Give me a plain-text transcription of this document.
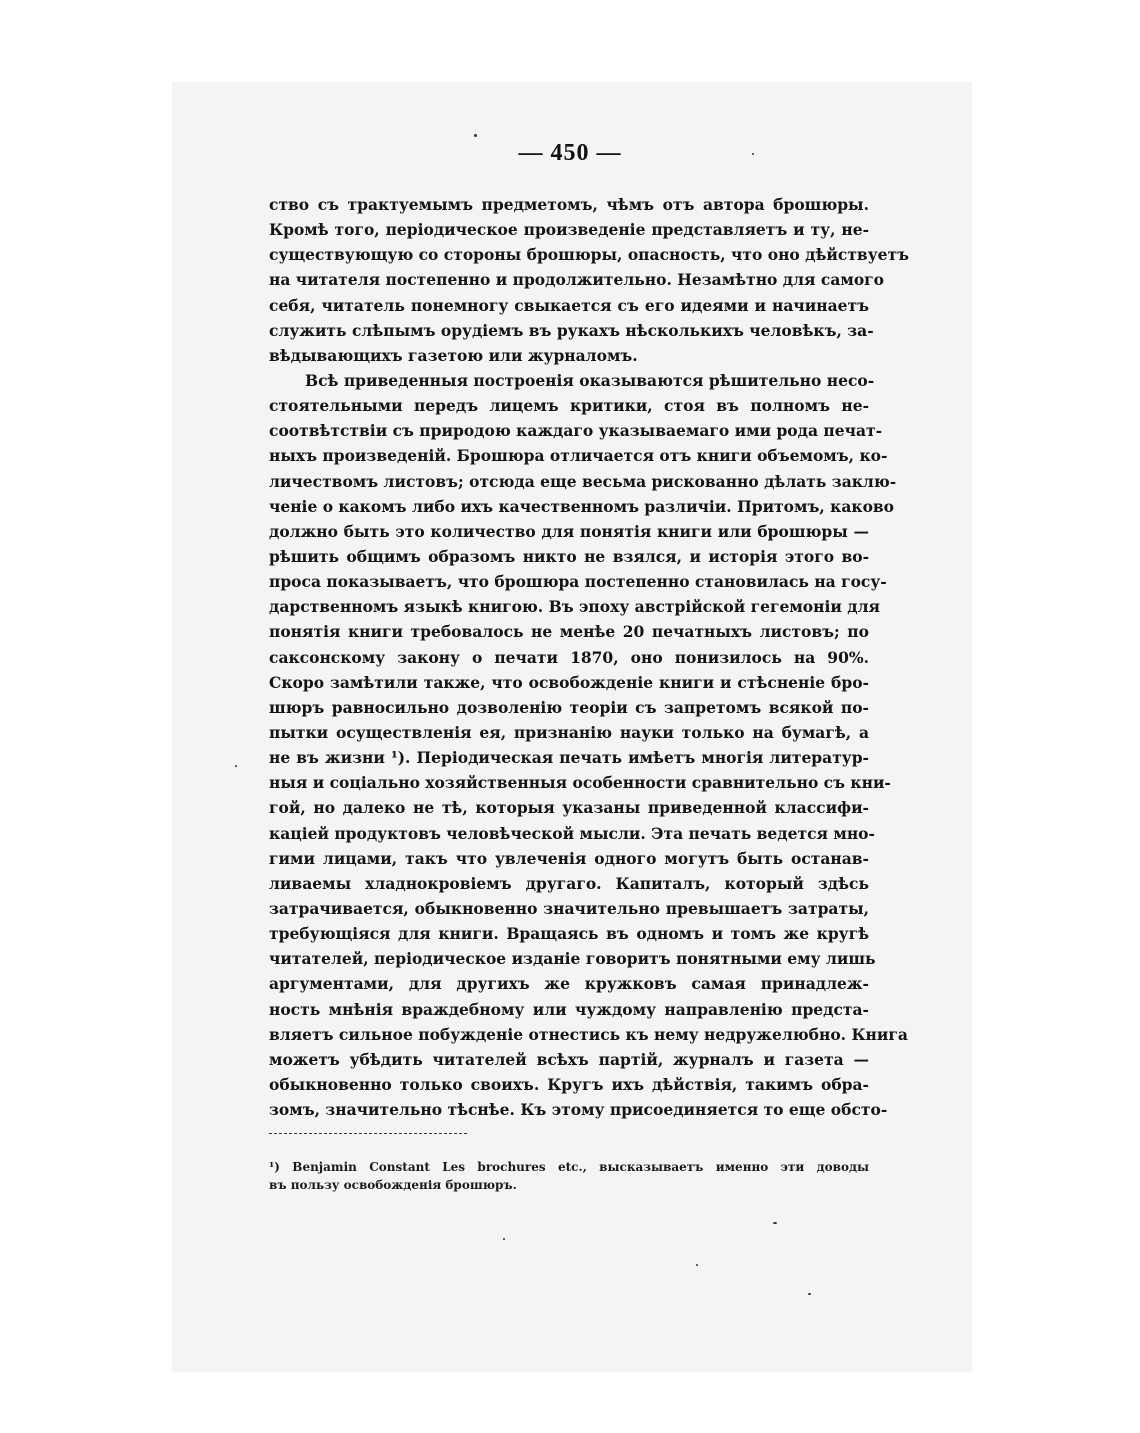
— 450 —
ство съ трактуемымъ предметомъ, чѣмъ отъ автора брошюры.
Кромѣ того, періодическое произведеніе представляетъ и ту, не-
существующую со стороны брошюры, опасность, что оно дѣйствуетъ
на читателя постепенно и продолжительно. Незамѣтно для самого
себя, читатель понемногу свыкается съ его идеями и начинаетъ
служить слѣпымъ орудіемъ въ рукахъ нѣсколькихъ человѣкъ, за-
вѣдывающихъ газетою или журналомъ.
Всѣ приведенныя построенія оказываются рѣшительно несо-
стоятельными передъ лицемъ критики, стоя въ полномъ не-
соотвѣтствіи съ природою каждаго указываемаго ими рода печат-
ныхъ произведеній. Брошюра отличается отъ книги объемомъ, ко-
личествомъ листовъ; отсюда еще весьма рискованно дѣлать заклю-
ченіе о какомъ либо ихъ качественномъ различіи. Притомъ, каково
должно быть это количество для понятія книги или брошюры —
рѣшить общимъ образомъ никто не взялся, и исторія этого во-
проса показываетъ, что брошюра постепенно становилась на госу-
дарственномъ языкѣ книгою. Въ эпоху австрійской гегемоніи для
понятія книги требовалось не менѣе 20 печатныхъ листовъ; по
саксонскому закону о печати 1870, оно понизилось на 90%.
Скоро замѣтили также, что освобожденіе книги и стѣсненіе бро-
шюръ равносильно дозволенію теоріи съ запретомъ всякой по-
пытки осуществленія ея, признанію науки только на бумагѣ, а
не въ жизни ¹). Періодическая печать имѣетъ многія литератур-
ныя и соціально хозяйственныя особенности сравнительно съ кни-
гой, но далеко не тѣ, которыя указаны приведенной классифи-
каціей продуктовъ человѣческой мысли. Эта печать ведется мно-
гими лицами, такъ что увлеченія одного могутъ быть останав-
ливаемы хладнокровіемъ другаго. Капиталъ, который здѣсь
затрачивается, обыкновенно значительно превышаетъ затраты,
требующіяся для книги. Вращаясь въ одномъ и томъ же кругѣ
читателей, періодическое изданіе говоритъ понятными ему лишь
аргументами, для другихъ же кружковъ самая принадлеж-
ность мнѣнія враждебному или чуждому направленію предста-
вляетъ сильное побужденіе отнестись къ нему недружелюбно. Книга
можетъ убѣдить читателей всѣхъ партій, журналъ и газета —
обыкновенно только своихъ. Кругъ ихъ дѣйствія, такимъ обра-
зомъ, значительно тѣснѣе. Къ этому присоединяется то еще обсто-
¹) Benjamin Constant Les brochures etc., высказываетъ именно эти доводы
въ пользу освобожденія брошюръ.
